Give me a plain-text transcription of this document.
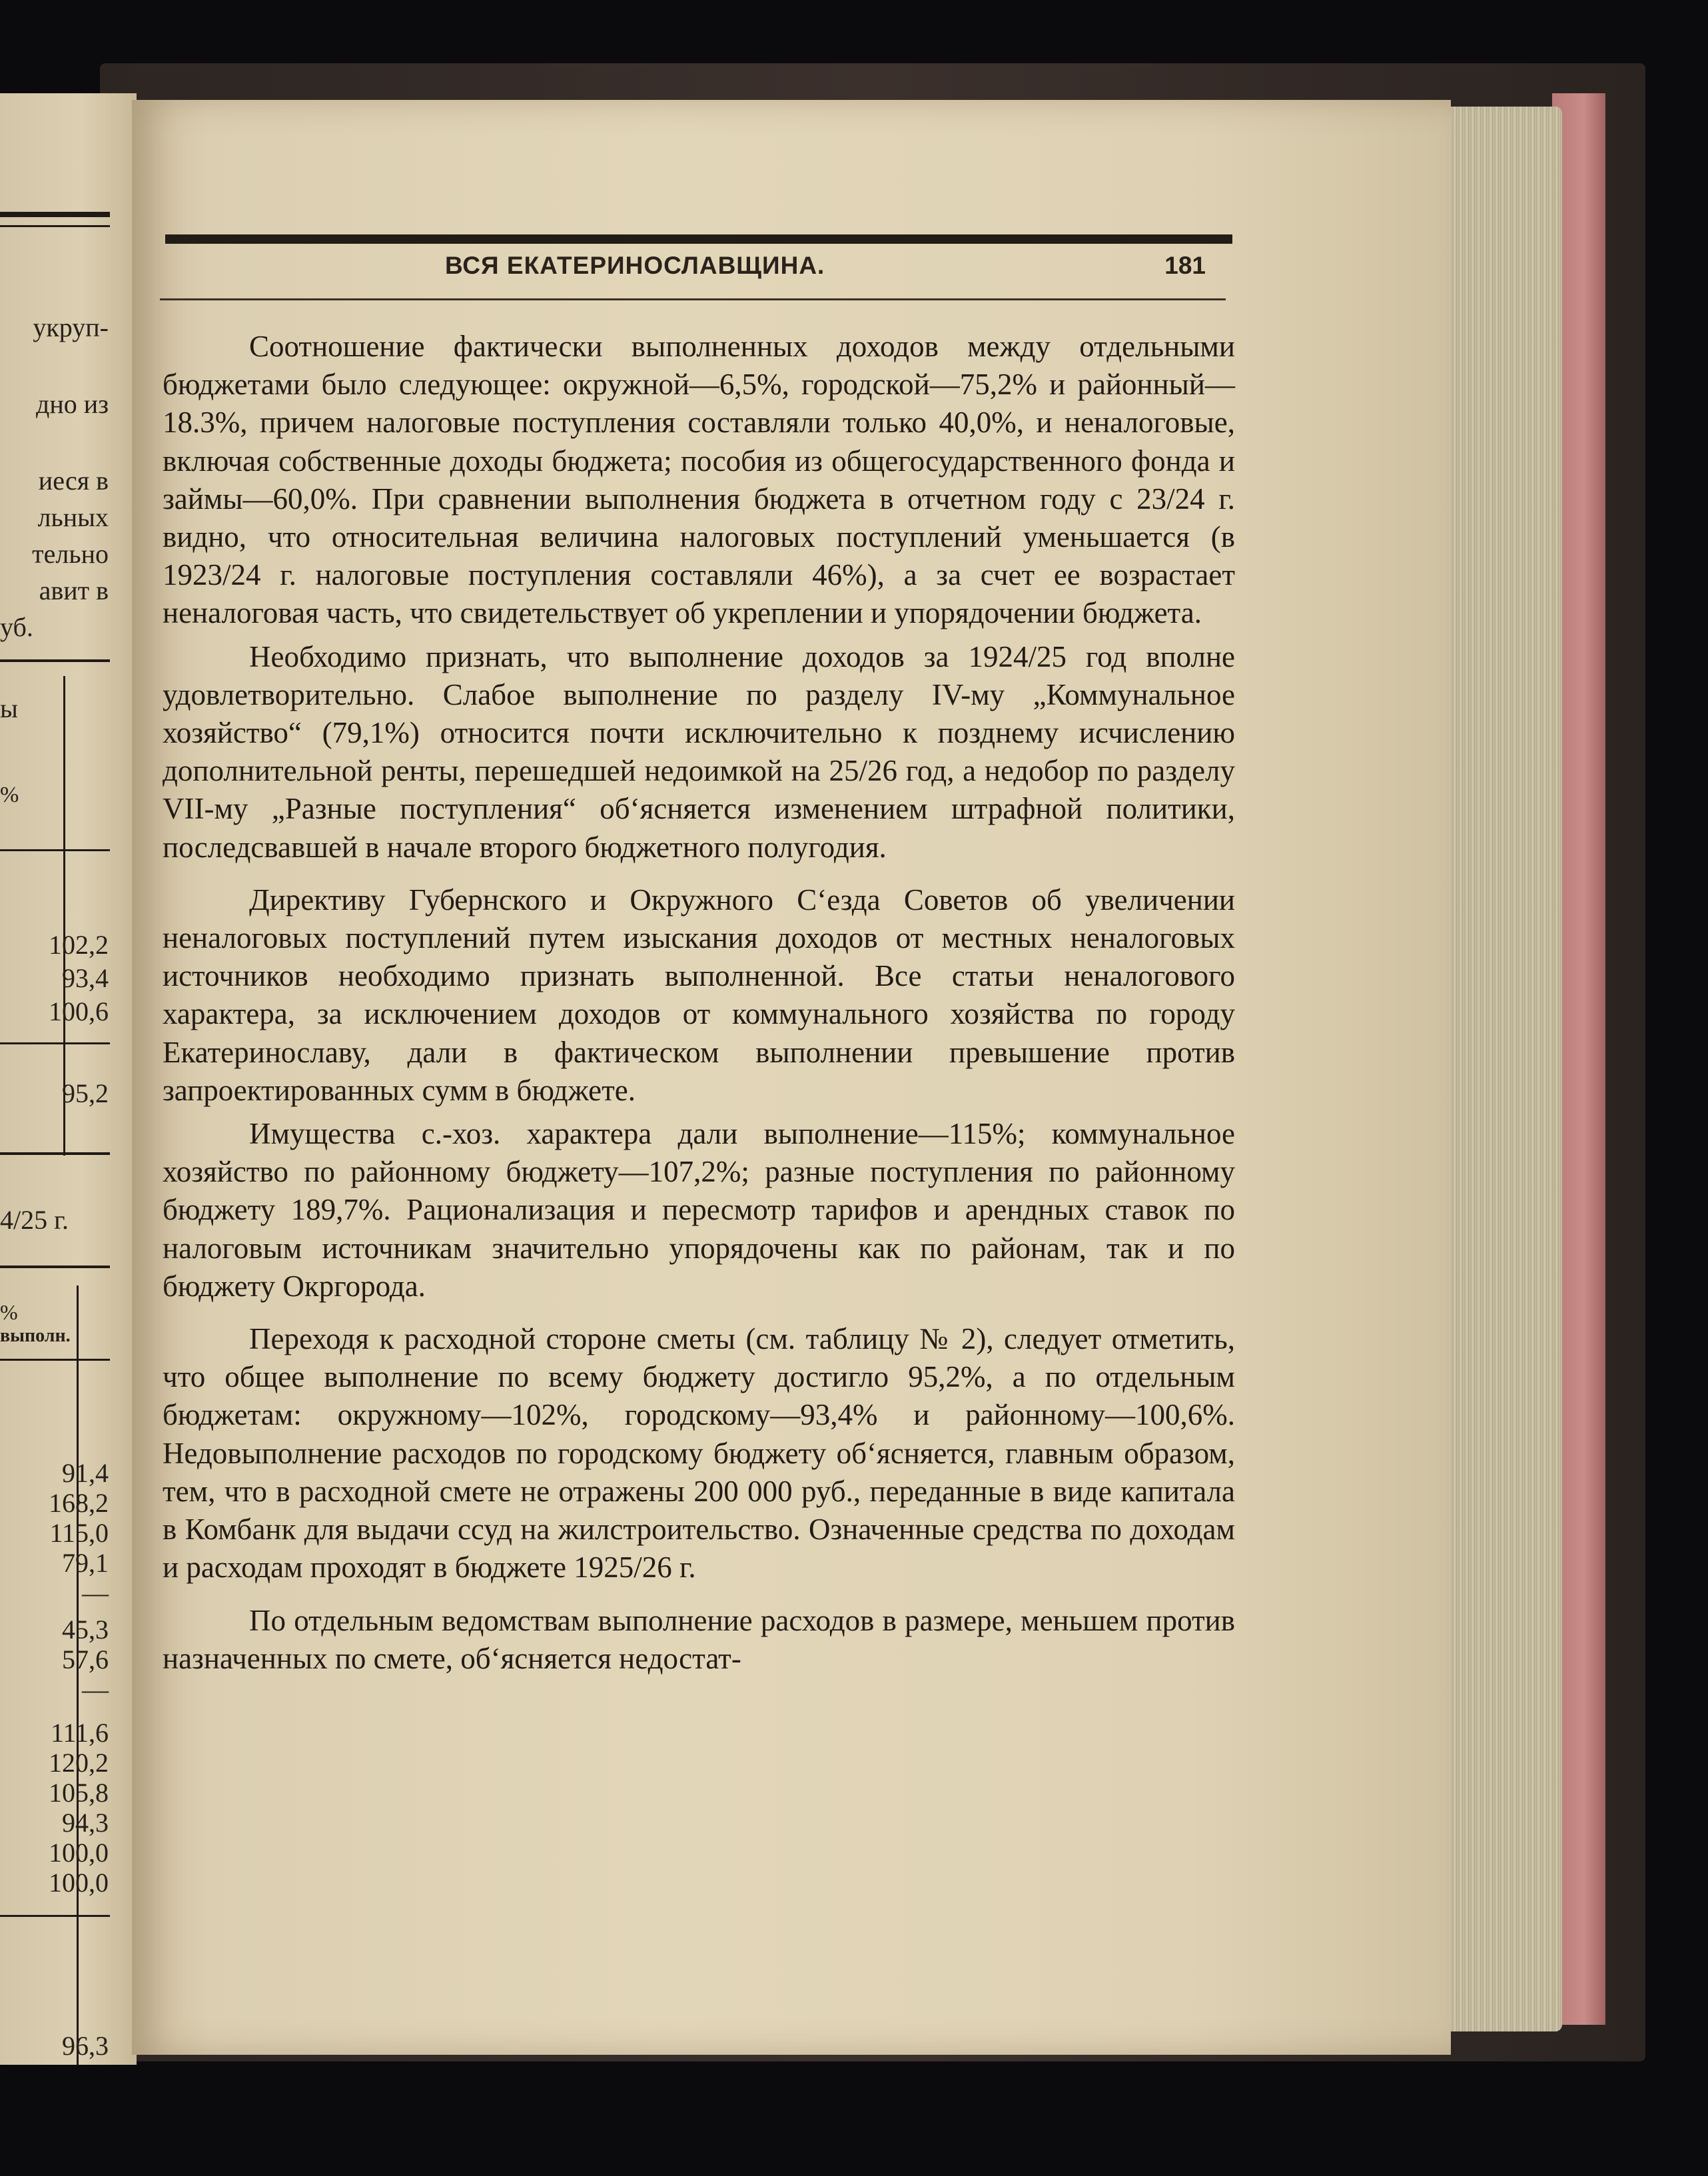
укруп-
дно из
иеся в
льных
тельно
авит в
уб.
ы
%
102,2
93,4
100,6
95,2
4/25 г.
%
выполн.
91,4
168,2
115,0
79,1
—
45,3
57,6
—
111,6
120,2
105,8
94,3
100,0
100,0
96,3
ВСЯ ЕКАТЕРИНОСЛАВЩИНА.	181

Соотношение фактически выполненных доходов между отдельными бюджетами было следующее: окружной—6,5%, городской—75,2% и районный—18.3%, причем налоговые поступления составляли только 40,0%, и неналоговые, включая собственные доходы бюджета; пособия из общегосударственного фонда и займы—60,0%. При сравнении выполнения бюджета в отчетном году с 23/24 г. видно, что относительная величина налоговых поступлений уменьшается (в 1923/24 г. налоговые поступления составляли 46%), а за счет ее возрастает неналоговая часть, что свидетельствует об укреплении и упорядочении бюджета.

Необходимо признать, что выполнение доходов за 1924/25 год вполне удовлетворительно. Слабое выполнение по разделу IV-му „Коммунальное хозяйство“ (79,1%) относится почти исключительно к позднему исчислению дополнительной ренты, перешедшей недоимкой на 25/26 год, а недобор по разделу VII-му „Разные поступления“ об‘ясняется изменением штрафной политики, последсвавшей в начале второго бюджетного полугодия.

Директиву Губернского и Окружного С‘езда Советов об увеличении неналоговых поступлений путем изыскания доходов от местных неналоговых источников необходимо признать выполненной. Все статьи неналогового характера, за исключением доходов от коммунального хозяйства по городу Екатеринославу, дали в фактическом выполнении превышение против запроектированных сумм в бюджете.

Имущества с.-хоз. характера дали выполнение—115%; коммунальное хозяйство по районному бюджету—107,2%; разные поступления по районному бюджету 189,7%. Рационализация и пересмотр тарифов и арендных ставок по налоговым источникам значительно упорядочены как по районам, так и по бюджету Окргорода.

Переходя к расходной стороне сметы (см. таблицу № 2), следует отметить, что общее выполнение по всему бюджету достигло 95,2%, а по отдельным бюджетам: окружному—102%, городскому—93,4% и районному—100,6%. Недовыполнение расходов по городскому бюджету об‘ясняется, главным образом, тем, что в расходной смете не отражены 200 000 руб., переданные в виде капитала в Комбанк для выдачи ссуд на жилстроительство. Означенные средства по доходам и расходам проходят в бюджете 1925/26 г.

По отдельным ведомствам выполнение расходов в размере, меньшем против назначенных по смете, об‘ясняется недостат-
